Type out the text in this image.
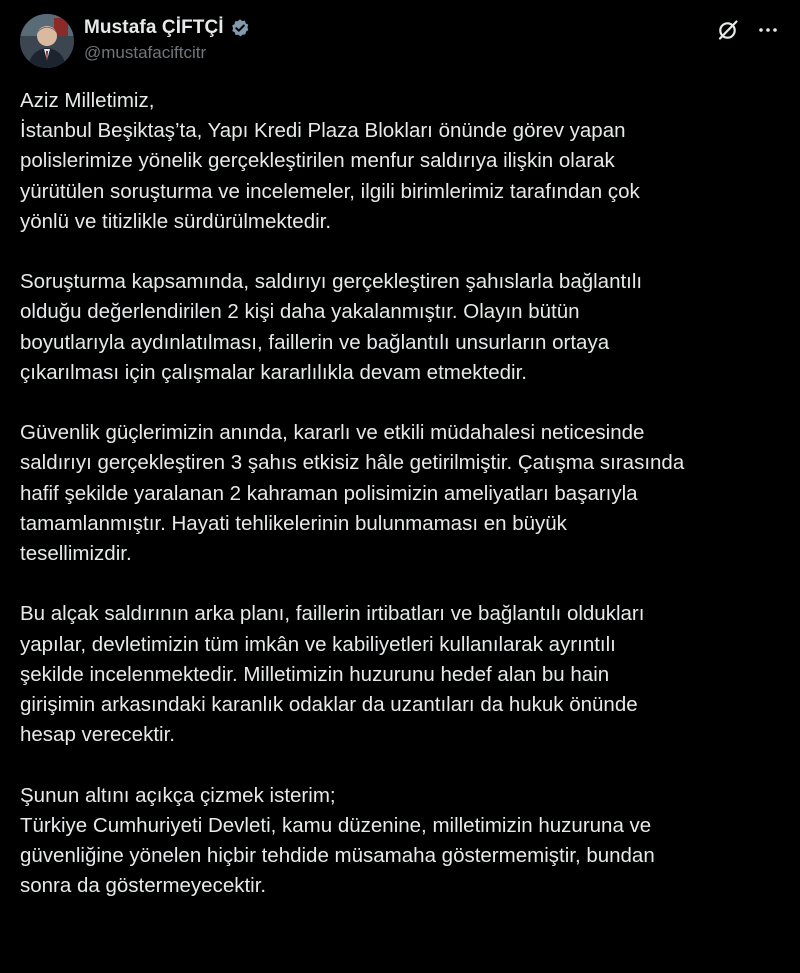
Mustafa ÇİFTÇİ
@mustafaciftcitr

Aziz Milletimiz,
İstanbul Beşiktaş’ta, Yapı Kredi Plaza Blokları önünde görev yapan
polislerimize yönelik gerçekleştirilen menfur saldırıya ilişkin olarak
yürütülen soruşturma ve incelemeler, ilgili birimlerimiz tarafından çok
yönlü ve titizlikle sürdürülmektedir.

Soruşturma kapsamında, saldırıyı gerçekleştiren şahıslarla bağlantılı
olduğu değerlendirilen 2 kişi daha yakalanmıştır. Olayın bütün
boyutlarıyla aydınlatılması, faillerin ve bağlantılı unsurların ortaya
çıkarılması için çalışmalar kararlılıkla devam etmektedir.

Güvenlik güçlerimizin anında, kararlı ve etkili müdahalesi neticesinde
saldırıyı gerçekleştiren 3 şahıs etkisiz hâle getirilmiştir. Çatışma sırasında
hafif şekilde yaralanan 2 kahraman polisimizin ameliyatları başarıyla
tamamlanmıştır. Hayati tehlikelerinin bulunmaması en büyük
tesellimizdir.

Bu alçak saldırının arka planı, faillerin irtibatları ve bağlantılı oldukları
yapılar, devletimizin tüm imkân ve kabiliyetleri kullanılarak ayrıntılı
şekilde incelenmektedir. Milletimizin huzurunu hedef alan bu hain
girişimin arkasındaki karanlık odaklar da uzantıları da hukuk önünde
hesap verecektir.

Şunun altını açıkça çizmek isterim;
Türkiye Cumhuriyeti Devleti, kamu düzenine, milletimizin huzuruna ve
güvenliğine yönelen hiçbir tehdide müsamaha göstermemiştir, bundan
sonra da göstermeyecektir.
